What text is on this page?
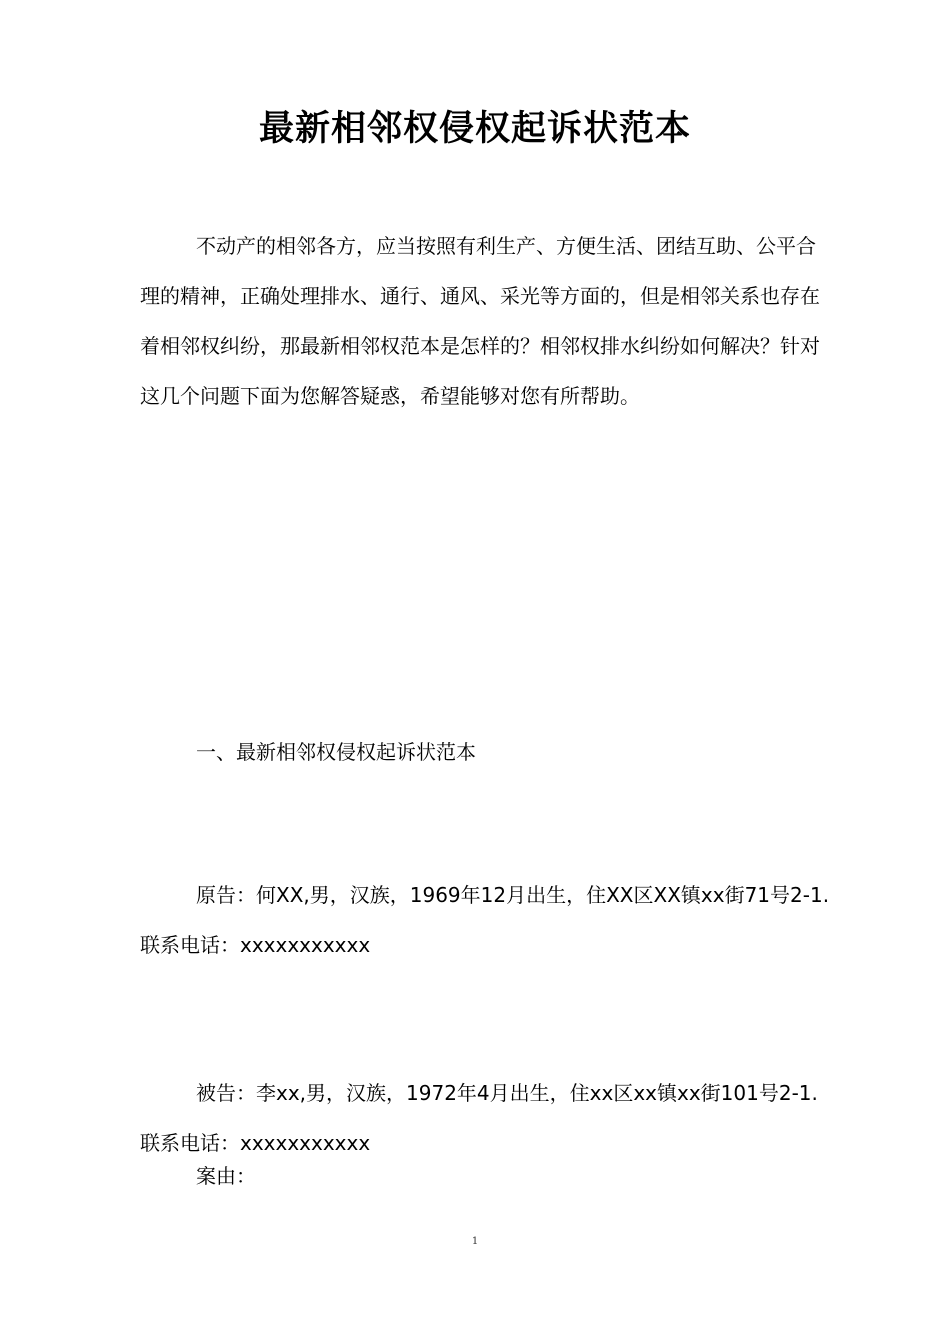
最新相邻权侵权起诉状范本

不动产的相邻各方，应当按照有利生产、方便生活、团结互助、公平合理的精神，正确处理排水、通行、通风、采光等方面的，但是相邻关系也存在着相邻权纠纷，那最新相邻权范本是怎样的？相邻权排水纠纷如何解决？针对这几个问题下面为您解答疑惑，希望能够对您有所帮助。

一、最新相邻权侵权起诉状范本

原告：何XX,男，汉族，1969年12月出生，住XX区XX镇xx街71号2-1.联系电话：xxxxxxxxxxx

被告：李xx,男，汉族，1972年4月出生，住xx区xx镇xx街101号2-1.联系电话：xxxxxxxxxxx

案由：

1
